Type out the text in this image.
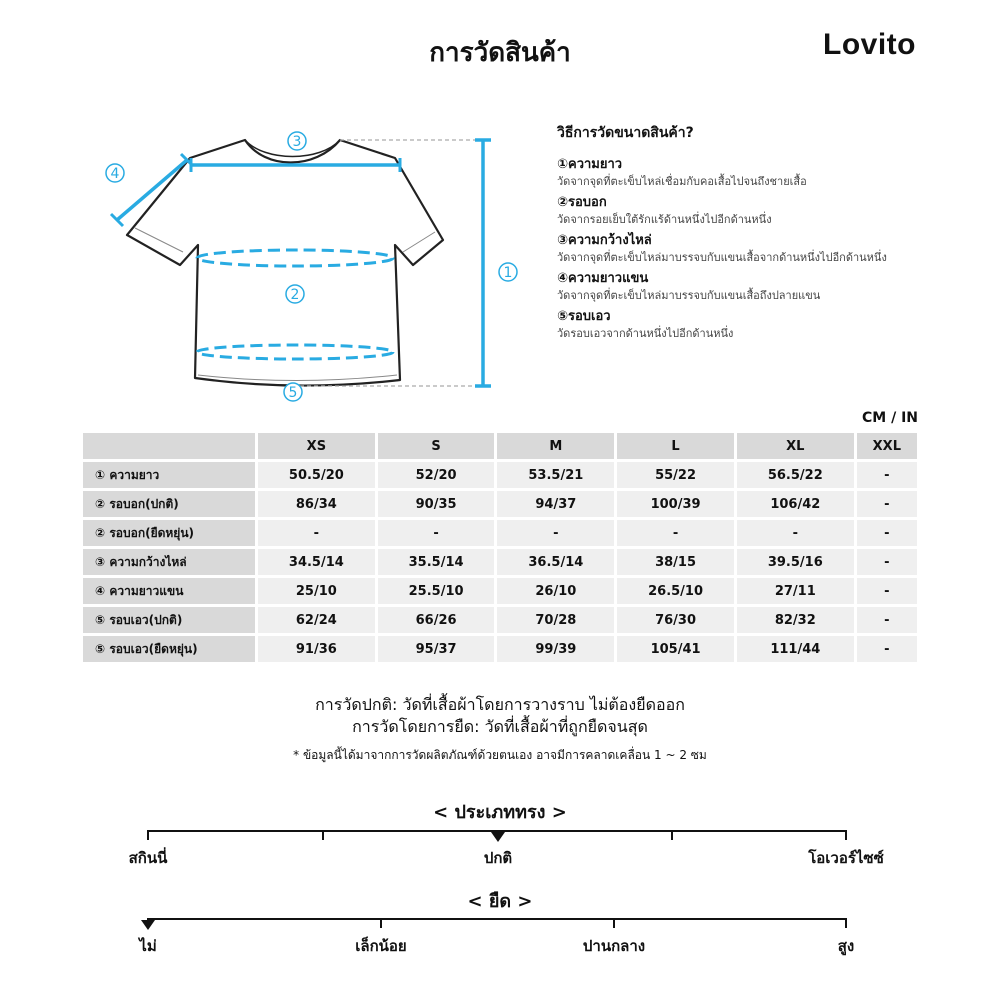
การวัดสินค้า	Lovito
3
4
2
1
5
วิธีการวัดขนาดสินค้า?
①ความยาว
วัดจากจุดที่ตะเข็บไหล่เชื่อมกับคอเสื้อไปจนถึงชายเสื้อ
②รอบอก
วัดจากรอยเย็บใต้รักแร้ด้านหนึ่งไปอีกด้านหนึ่ง
③ความกว้างไหล่
วัดจากจุดที่ตะเข็บไหล่มาบรรจบกับแขนเสื้อจากด้านหนึ่งไปอีกด้านหนึ่ง
④ความยาวแขน
วัดจากจุดที่ตะเข็บไหล่มาบรรจบกับแขนเสื้อถึงปลายแขน
⑤รอบเอว
วัดรอบเอวจากด้านหนึ่งไปอีกด้านหนึ่ง
CM / IN
	XS	S	M	L	XL	XXL
① ความยาว	50.5/20	52/20	53.5/21	55/22	56.5/22	-
② รอบอก(ปกติ)	86/34	90/35	94/37	100/39	106/42	-
② รอบอก(ยืดหยุ่น)	-	-	-	-	-	-
③ ความกว้างไหล่	34.5/14	35.5/14	36.5/14	38/15	39.5/16	-
④ ความยาวแขน	25/10	25.5/10	26/10	26.5/10	27/11	-
⑤ รอบเอว(ปกติ)	62/24	66/26	70/28	76/30	82/32	-
⑤ รอบเอว(ยืดหยุ่น)	91/36	95/37	99/39	105/41	111/44	-
การวัดปกติ: วัดที่เสื้อผ้าโดยการวางราบ ไม่ต้องยืดออก
การวัดโดยการยืด: วัดที่เสื้อผ้าที่ถูกยืดจนสุด
* ข้อมูลนี้ได้มาจากการวัดผลิตภัณฑ์ด้วยตนเอง อาจมีการคลาดเคลื่อน 1 ~ 2 ซม
< ประเภททรง >
สกินนี่	ปกติ	โอเวอร์ไซซ์
< ยืด >
ไม่	เล็กน้อย	ปานกลาง	สูง
